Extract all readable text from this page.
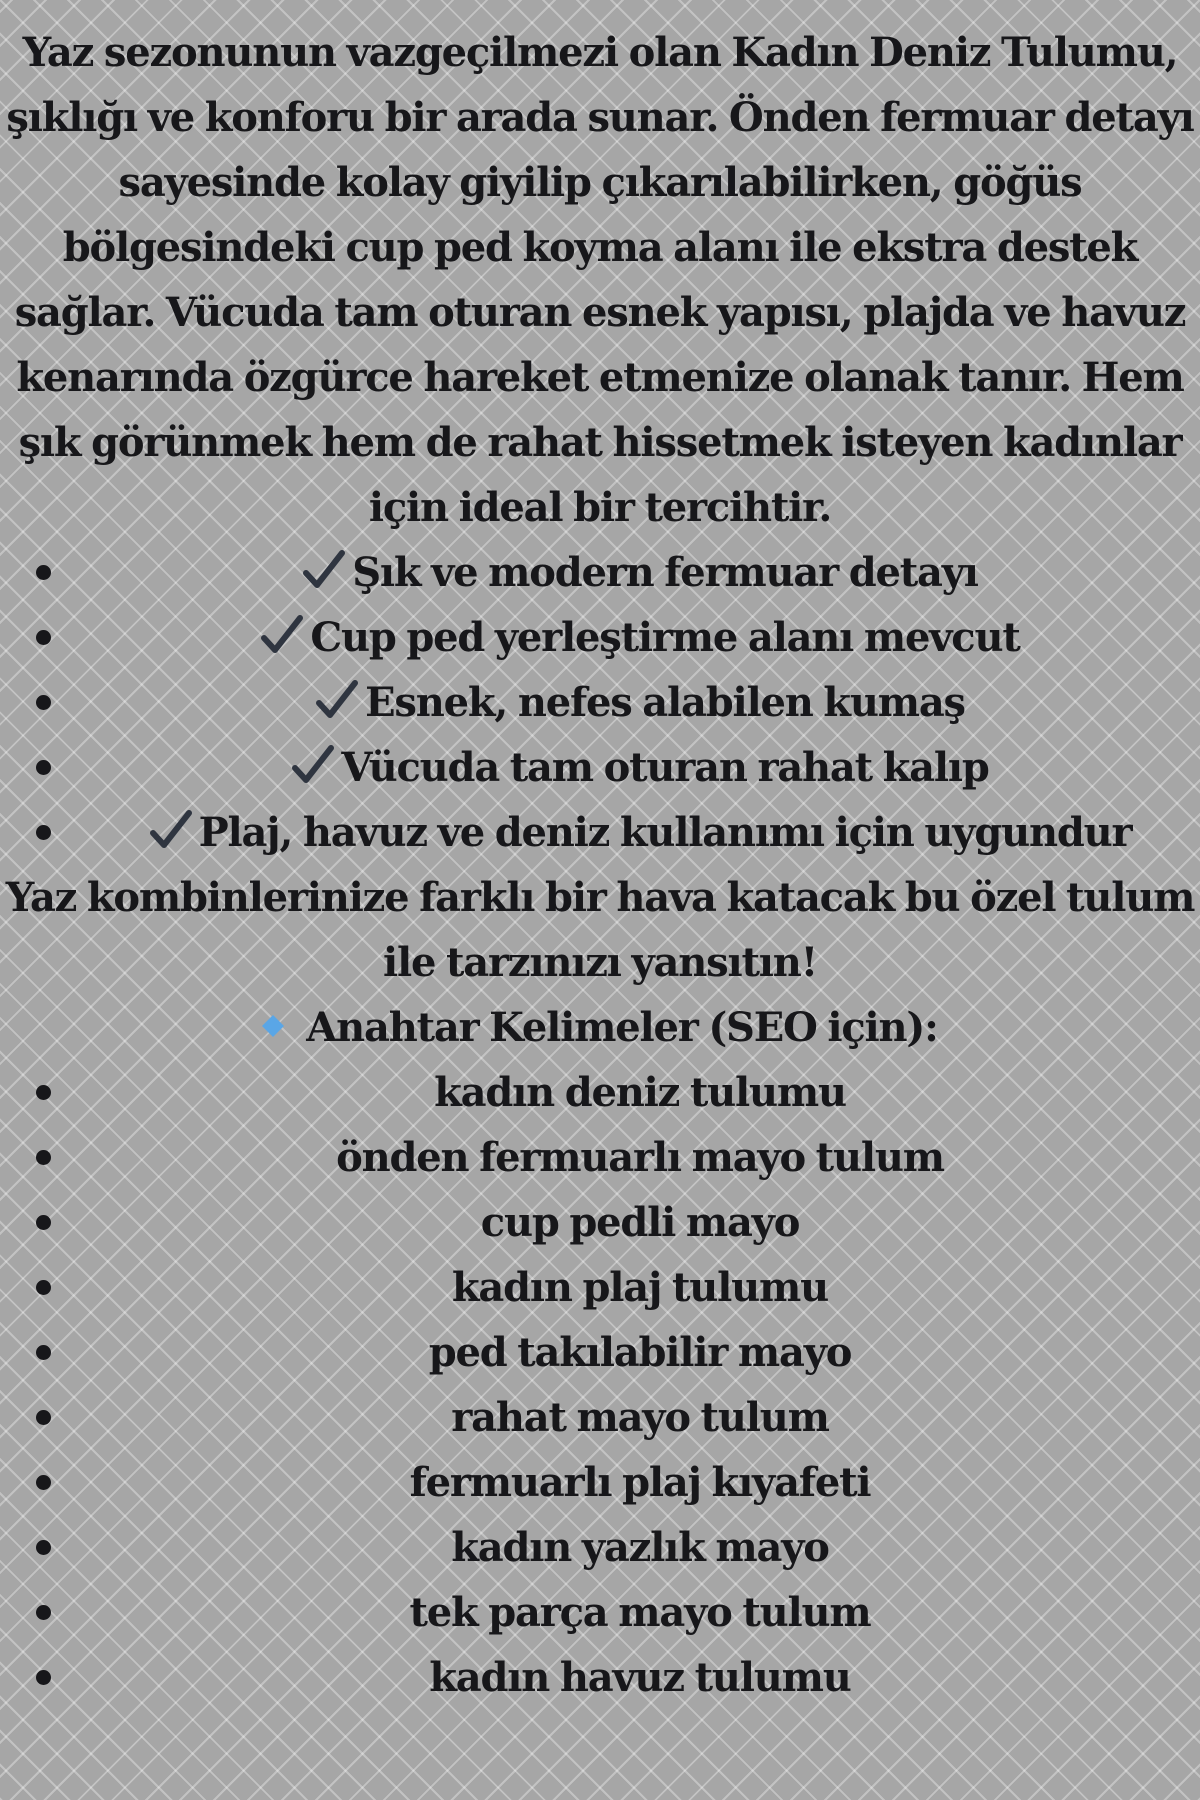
Yaz sezonunun vazgeçilmezi olan Kadın Deniz Tulumu, şıklığı ve konforu bir arada sunar. Önden fermuar detayı sayesinde kolay giyilip çıkarılabilirken, göğüs bölgesindeki cup ped koyma alanı ile ekstra destek sağlar. Vücuda tam oturan esnek yapısı, plajda ve havuz kenarında özgürce hareket etmenize olanak tanır. Hem şık görünmek hem de rahat hissetmek isteyen kadınlar için ideal bir tercihtir.

Şık ve modern fermuar detayı
Cup ped yerleştirme alanı mevcut
Esnek, nefes alabilen kumaş
Vücuda tam oturan rahat kalıp
Plaj, havuz ve deniz kullanımı için uygundur

Yaz kombinlerinize farklı bir hava katacak bu özel tulum ile tarzınızı yansıtın!

Anahtar Kelimeler (SEO için):
kadın deniz tulumu
önden fermuarlı mayo tulum
cup pedli mayo
kadın plaj tulumu
ped takılabilir mayo
rahat mayo tulum
fermuarlı plaj kıyafeti
kadın yazlık mayo
tek parça mayo tulum
kadın havuz tulumu
